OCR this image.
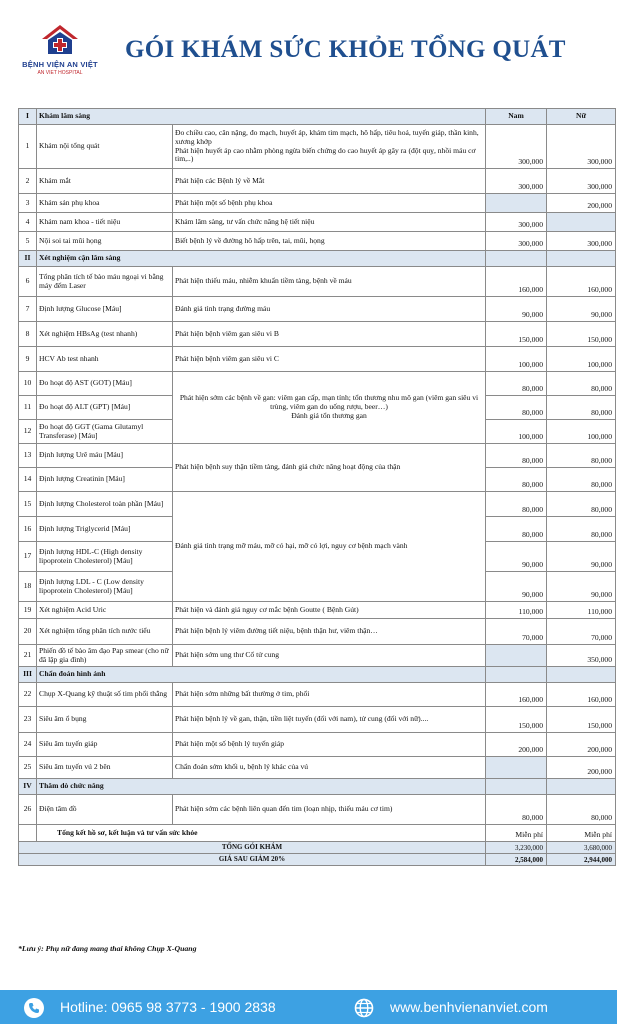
BỆNH VIỆN AN VIỆT
AN VIET HOSPITAL
GÓI KHÁM SỨC KHỎE TỔNG QUÁT
I	Khám lâm sàng		Nam	Nữ
1	Khám nội tổng quát	Đo chiều cao, cân nặng, đo mạch, huyết áp, khám tim mạch, hô hấp, tiêu hoá, tuyến giáp, thần kinh, xương khớp
Phát hiện huyết áp cao nhằm phòng ngừa biến chứng do cao huyết áp gây ra (đột quỵ, nhồi máu cơ tim,..)	300,000	300,000
2	Khám mắt	Phát hiện các Bệnh lý về Mắt	300,000	300,000
3	Khám sản phụ khoa	Phát hiện một số bệnh phụ khoa		200,000
4	Khám nam khoa - tiết niệu	Khám lâm sàng, tư vấn chức năng hệ tiết niệu	300,000	
5	Nội soi tai mũi họng	Biết bệnh lý về đường hô hấp trên, tai, mũi, họng	300,000	300,000
II	Xét nghiệm cận lâm sàng			
6	Tổng phân tích tế bào máu ngoại vi bằng máy đếm Laser	Phát hiện thiếu máu, nhiễm khuẩn tiềm tàng, bệnh về máu	160,000	160,000
7	Định lượng Glucose [Máu]	Đánh giá tình trạng đường máu	90,000	90,000
8	Xét nghiệm HBsAg (test nhanh)	Phát hiện bệnh viêm gan siêu vi B	150,000	150,000
9	HCV Ab test nhanh	Phát hiện bệnh viêm gan siêu vi C	100,000	100,000
10	Đo hoạt độ AST (GOT) [Máu]	Phát hiện sớm các bệnh về gan: viêm gan cấp, mạn tính; tổn thương nhu mô gan (viêm gan siêu vi trùng, viêm gan do uống rượu, beer…)
Đánh giá tổn thương gan	80,000	80,000
11	Đo hoạt độ ALT (GPT) [Máu]		80,000	80,000
12	Đo hoạt độ GGT (Gama Glutamyl Transferase) [Máu]		100,000	100,000
13	Định lượng Urê máu [Máu]	Phát hiện bệnh suy thận tiềm tàng, đánh giá chức năng hoạt động của thận	80,000	80,000
14	Định lượng Creatinin [Máu]		80,000	80,000
15	Định lượng Cholesterol toàn phần [Máu]	Đánh giá tình trạng mỡ máu, mỡ có hại, mỡ có lợi, nguy cơ bệnh mạch vành	80,000	80,000
16	Định lượng Triglycerid [Máu]		80,000	80,000
17	Định lượng HDL-C (High density lipoprotein Cholesterol) [Máu]		90,000	90,000
18	Định lượng LDL - C (Low density lipoprotein Cholesterol) [Máu]		90,000	90,000
19	Xét nghiệm Acid Uric	Phát hiện và đánh giá nguy cơ mắc bệnh Goutte ( Bệnh Gút)	110,000	110,000
20	Xét nghiệm tổng phân tích nước tiểu	Phát hiện bệnh lý viêm đường tiết niệu, bệnh thận hư, viêm thận…	70,000	70,000
21	Phiến đồ tế bào âm đạo Pap smear (cho nữ đã lập gia đình)	Phát hiện sớm ung thư Cổ tử cung		350,000
III	Chẩn đoán hình ảnh			
22	Chụp X-Quang kỹ thuật số tim phổi thẳng	Phát hiện sớm những bất thường ở tim, phổi	160,000	160,000
23	Siêu âm ổ bụng	Phát hiện bệnh lý về gan, thận, tiền liệt tuyến (đối với nam), tử cung (đối với nữ)....	150,000	150,000
24	Siêu âm tuyến giáp	Phát hiện một số bệnh lý tuyến giáp	200,000	200,000
25	Siêu âm tuyến vú 2 bên	Chẩn đoán sớm khối u, bệnh lý khác của vú		200,000
IV	Thăm dò chức năng			
26	Điện tâm đồ	Phát hiện sớm các bệnh liên quan đến tim (loạn nhịp, thiếu máu cơ tim)	80,000	80,000
	Tổng kết hồ sơ, kết luận và tư vấn sức khỏe		Miễn phí	Miễn phí
TỔNG GÓI KHÁM			3,230,000	3,680,000
GIÁ SAU GIẢM 20%			2,584,000	2,944,000
*Lưu ý: Phụ nữ đang mang thai không Chụp X-Quang
Hotline: 0965 98 3773 - 1900 2838	www.benhvienanviet.com
